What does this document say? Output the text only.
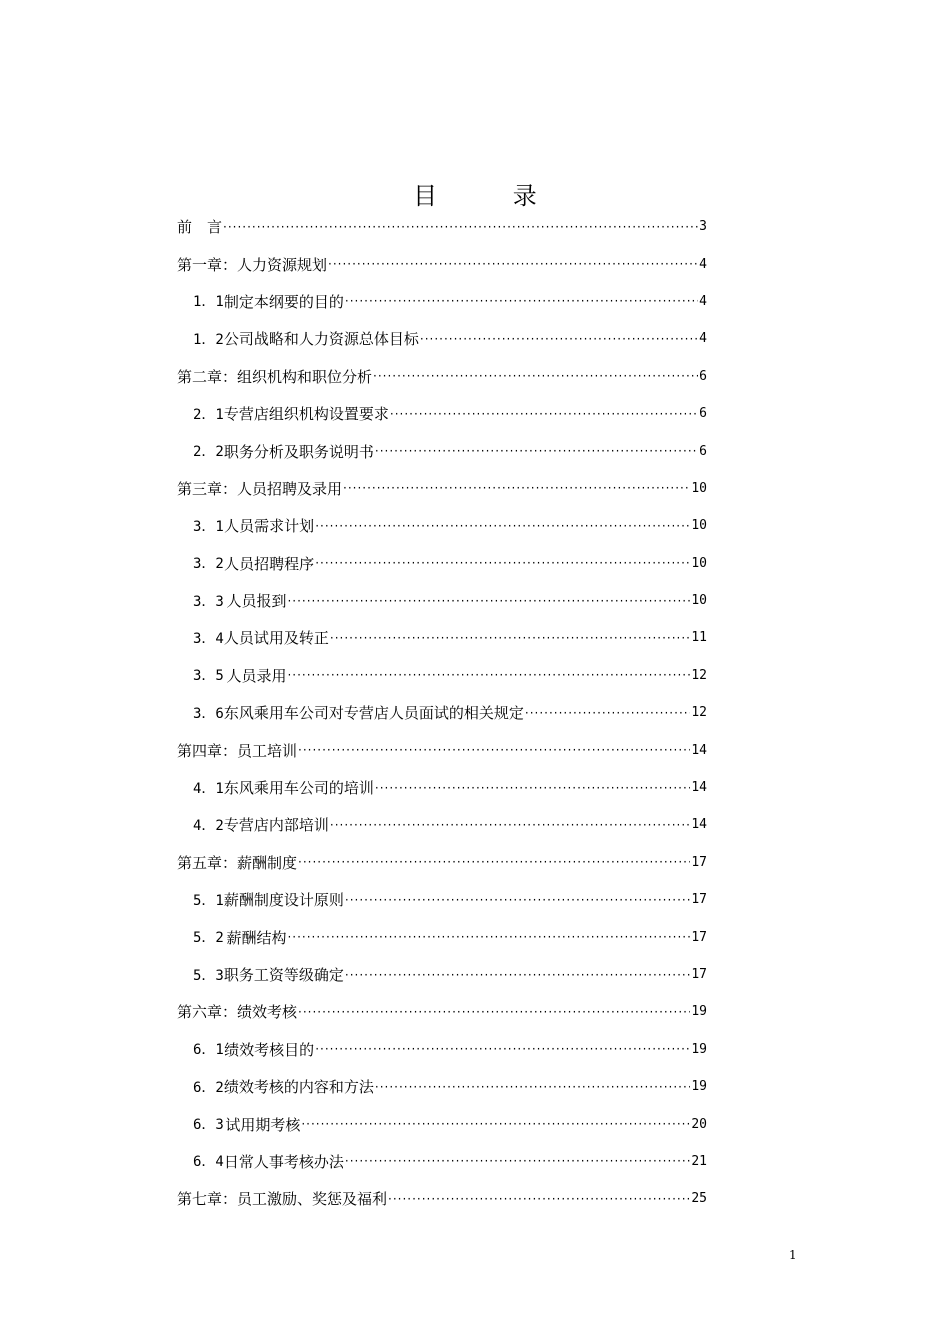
目 录
前　言 ·····	3
第一章：人力资源规划 ·····	4
1．1 制定本纲要的目的 ·····	4
1．2 公司战略和人力资源总体目标 ·····	4
第二章：组织机构和职位分析 ·····	6
2．1 专营店组织机构设置要求 ·····	6
2．2 职务分析及职务说明书 ·····	6
第三章：人员招聘及录用 ·····	10
3．1 人员需求计划 ·····	10
3．2 人员招聘程序 ·····	10
3．3 人员报到 ·····	10
3．4 人员试用及转正 ·····	11
3．5 人员录用 ·····	12
3．6 东风乘用车公司对专营店人员面试的相关规定 ·····	12
第四章：员工培训 ·····	14
4．1 东风乘用车公司的培训 ·····	14
4．2 专营店内部培训 ·····	14
第五章：薪酬制度 ·····	17
5．1 薪酬制度设计原则 ·····	17
5．2 薪酬结构 ·····	17
5．3 职务工资等级确定 ·····	17
第六章：绩效考核 ·····	19
6．1 绩效考核目的 ·····	19
6．2 绩效考核的内容和方法 ·····	19
6．3 试用期考核 ·····	20
6．4 日常人事考核办法 ·····	21
第七章：员工激励、奖惩及福利 ·····	25
1
